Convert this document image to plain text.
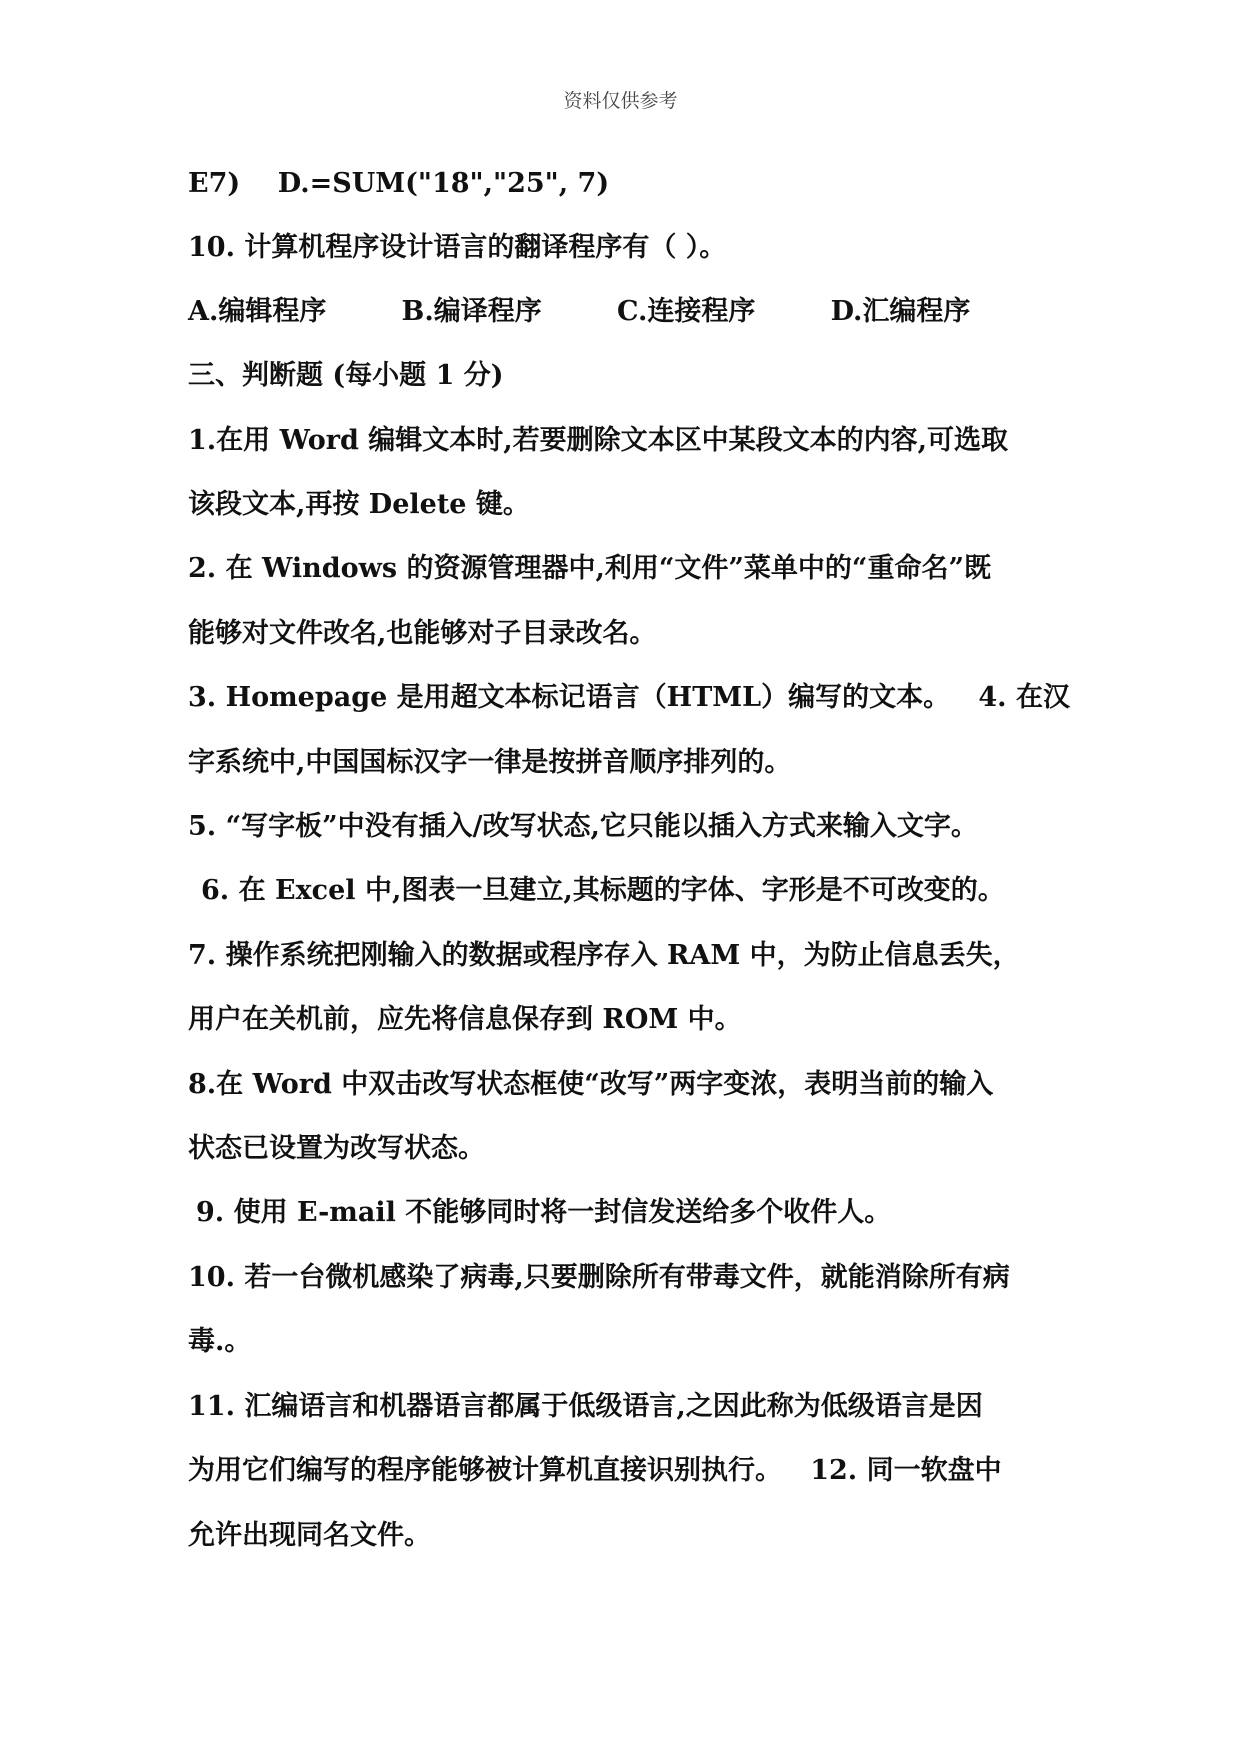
资料仅供参考
E7)    D.=SUM("18","25", 7)
10. 计算机程序设计语言的翻译程序有（ ）。
A.编辑程序        B.编译程序        C.连接程序        D.汇编程序
三、判断题 (每小题 1 分)
1.在用 Word 编辑文本时,若要删除文本区中某段文本的内容,可选取
该段文本,再按 Delete 键。
2. 在 Windows 的资源管理器中,利用“文件”菜单中的“重命名”既
能够对文件改名,也能够对子目录改名。
3. Homepage 是用超文本标记语言（HTML）编写的文本。   4. 在汉
字系统中,中国国标汉字一律是按拼音顺序排列的。
5. “写字板”中没有插入/改写状态,它只能以插入方式来输入文字。
6. 在 Excel 中,图表一旦建立,其标题的字体、字形是不可改变的。
7. 操作系统把刚输入的数据或程序存入 RAM 中，为防止信息丢失，
用户在关机前，应先将信息保存到 ROM 中。
8.在 Word 中双击改写状态框使“改写”两字变浓，表明当前的输入
状态已设置为改写状态。
9. 使用 E-mail 不能够同时将一封信发送给多个收件人。
10. 若一台微机感染了病毒,只要删除所有带毒文件，就能消除所有病
毒.。
11. 汇编语言和机器语言都属于低级语言,之因此称为低级语言是因
为用它们编写的程序能够被计算机直接识别执行。   12. 同一软盘中
允许出现同名文件。
